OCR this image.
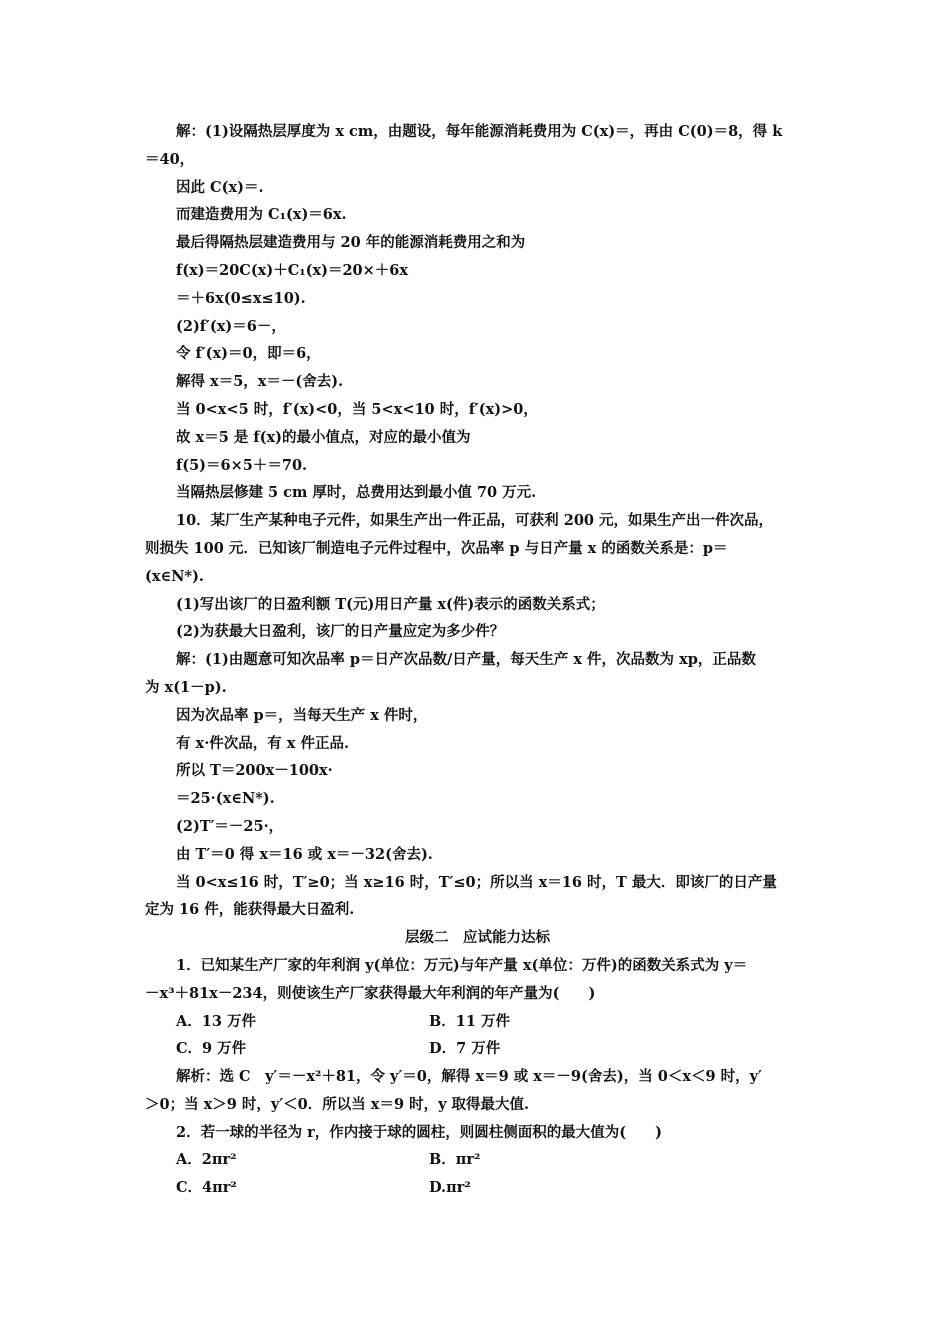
解：(1)设隔热层厚度为 x cm，由题设，每年能源消耗费用为 C(x)＝，再由 C(0)＝8，得 k
＝40，
因此 C(x)＝.
而建造费用为 C₁(x)＝6x.
最后得隔热层建造费用与 20 年的能源消耗费用之和为
f(x)＝20C(x)＋C₁(x)＝20×＋6x
＝＋6x(0≤x≤10).
(2)f′(x)＝6－，
令 f′(x)＝0，即＝6，
解得 x＝5，x＝－(舍去).
当 0<x<5 时，f′(x)<0，当 5<x<10 时，f′(x)>0，
故 x＝5 是 f(x)的最小值点，对应的最小值为
f(5)＝6×5＋＝70.
当隔热层修建 5 cm 厚时，总费用达到最小值 70 万元.
10．某厂生产某种电子元件，如果生产出一件正品，可获利 200 元，如果生产出一件次品，
则损失 100 元．已知该厂制造电子元件过程中，次品率 p 与日产量 x 的函数关系是：p＝
(x∈N*).
(1)写出该厂的日盈利额 T(元)用日产量 x(件)表示的函数关系式；
(2)为获最大日盈利，该厂的日产量应定为多少件？
解：(1)由题意可知次品率 p＝日产次品数/日产量，每天生产 x 件，次品数为 xp，正品数
为 x(1－p).
因为次品率 p＝，当每天生产 x 件时，
有 x·件次品，有 x 件正品.
所以 T＝200x－100x·
＝25·(x∈N*).
(2)T′＝－25·，
由 T′＝0 得 x＝16 或 x＝－32(舍去).
当 0<x≤16 时，T′≥0；当 x≥16 时，T′≤0；所以当 x＝16 时，T 最大．即该厂的日产量
定为 16 件，能获得最大日盈利.
层级二　应试能力达标
1．已知某生产厂家的年利润 y(单位：万元)与年产量 x(单位：万件)的函数关系式为 y＝
－x³＋81x－234，则使该生产厂家获得最大年利润的年产量为(　　)
A．13 万件	B．11 万件
C．9 万件	D．7 万件
解析：选 C　y′＝－x²＋81，令 y′＝0，解得 x＝9 或 x＝－9(舍去)，当 0＜x＜9 时，y′
＞0；当 x＞9 时，y′＜0．所以当 x＝9 时，y 取得最大值.
2．若一球的半径为 r，作内接于球的圆柱，则圆柱侧面积的最大值为(　　)
A．2πr²	B．πr²
C．4πr²	D.πr²
